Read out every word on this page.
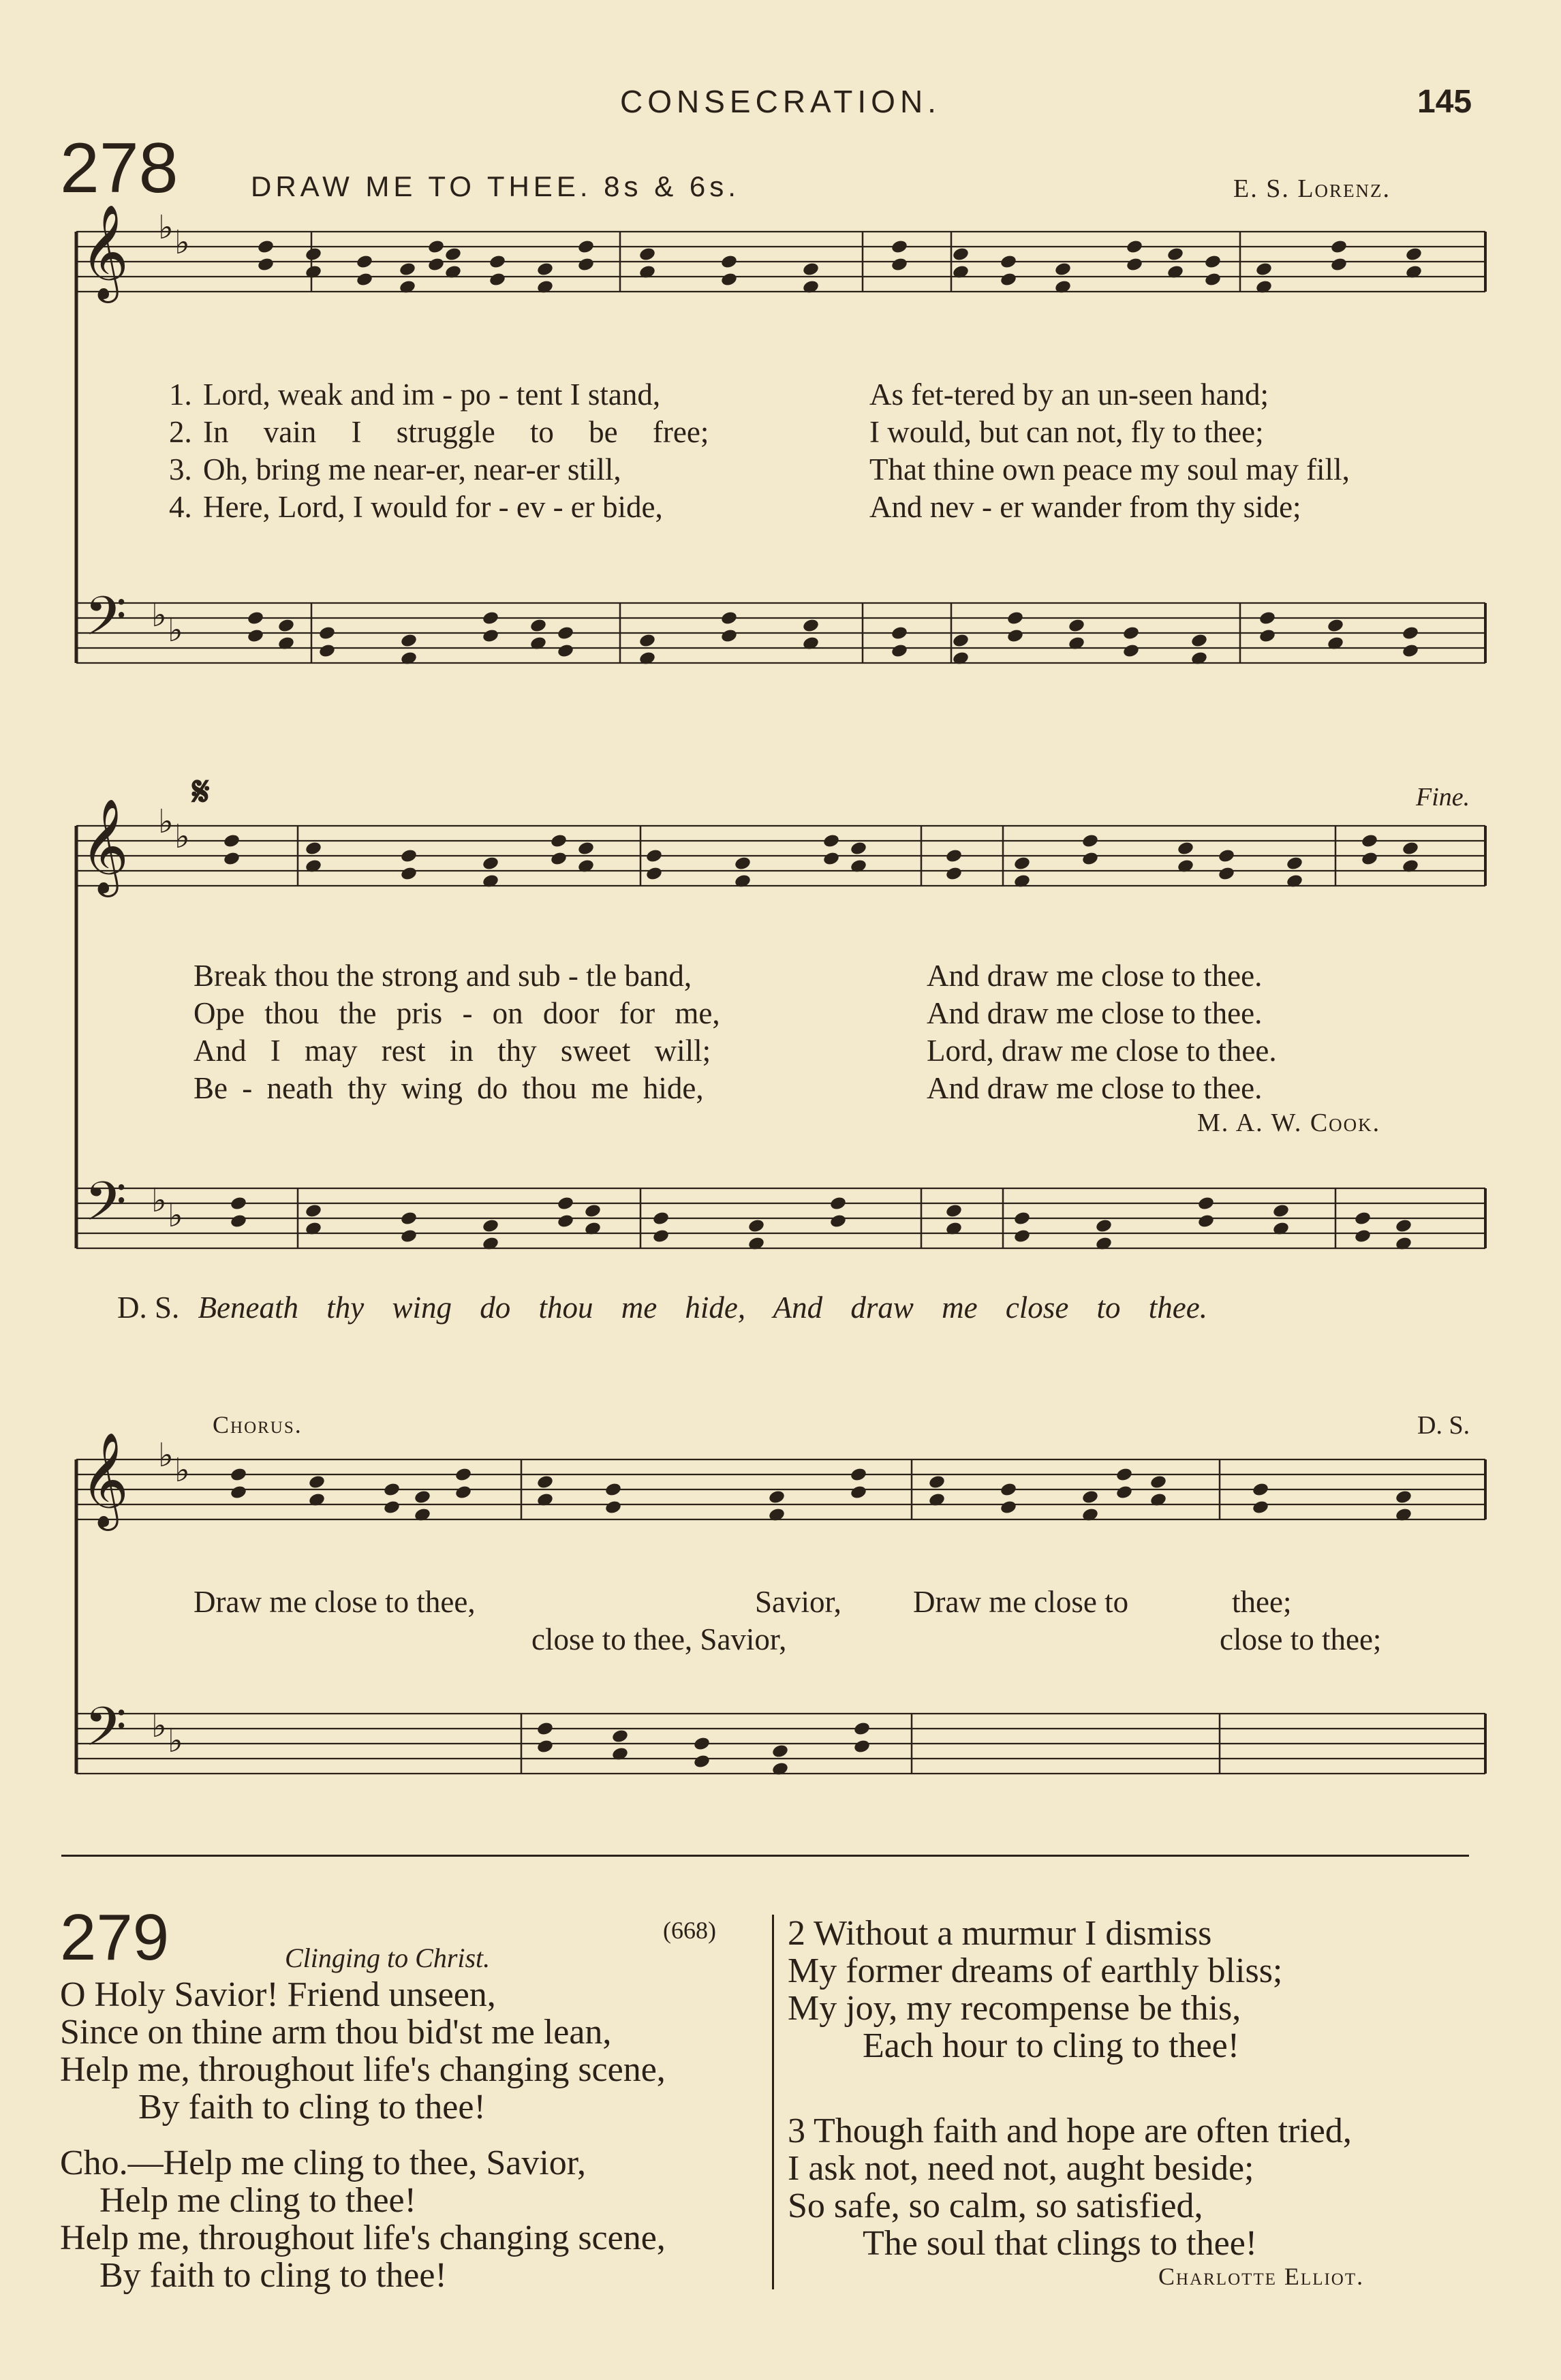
CONSECRATION.	145
278	DRAW ME TO THEE. 8s & 6s.	E. S. Lorenz.
𝄞
𝄢
♭ ♭
♭ ♭
𝄞
𝄢
♭ ♭
♭ ♭
𝄞
𝄢
♭ ♭
♭ ♭
1. Lord, weak and im - po - tent I stand,	As fet-tered by an un-seen hand;
2. In vain I struggle to be free;	I would, but can not, fly to thee;
3. Oh, bring me near-er, near-er still,	That thine own peace my soul may fill,
4. Here, Lord, I would for - ev - er bide,	And nev - er wander from thy side;
𝄋	Fine.
Break thou the strong and sub - tle band,	And draw me close to thee.
Ope thou the pris - on door for me,	And draw me close to thee.
And I may rest in thy sweet will;	Lord, draw me close to thee.
Be - neath thy wing do thou me hide,	And draw me close to thee.
M. A. W. Cook.
D. S. Beneath thy wing do thou me hide, And draw me close to thee.
Chorus.	D. S.
Draw me close to thee,	Savior, Draw me close to	thee;
close to thee, Savior,	close to thee;
279	Clinging to Christ.
(668)
O Holy Savior! Friend unseen,
Since on thine arm thou bid'st me lean,
Help me, throughout life's changing scene,
By faith to cling to thee!
Cho.—Help me cling to thee, Savior,
Help me cling to thee!
Help me, throughout life's changing scene,
By faith to cling to thee!
2 Without a murmur I dismiss
My former dreams of earthly bliss;
My joy, my recompense be this,
Each hour to cling to thee!
3 Though faith and hope are often tried,
I ask not, need not, aught beside;
So safe, so calm, so satisfied,
The soul that clings to thee!
Charlotte Elliot.
